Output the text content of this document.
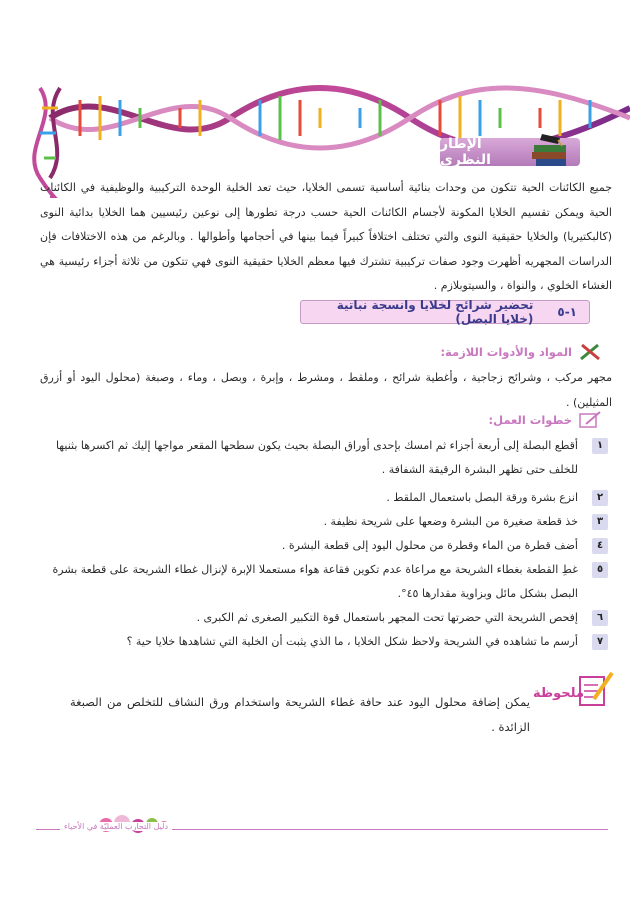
الإطار النظري
جميع الكائنات الحية تتكون من وحدات بنائية أساسية تسمى الخلايا، حيث تعد الخلية الوحدة التركيبية والوظيفية في الكائنات الحية ويمكن تقسيم الخلايا المكونة لأجسام الكائنات الحية حسب درجة تطورها إلى نوعين رئيسيين هما الخلايا بدائية النوى (كالبكتيريا) والخلايا حقيقية النوى والتي تختلف اختلافاً كبيراً فيما بينها في أحجامها وأطوالها . وبالرغم من هذه الاختلافات فإن الدراسات المجهريه أظهرت وجود صفات تركيبية تشترك فيها معظم الخلايا حقيقية النوى فهي تتكون من ثلاثة أجزاء رئيسية هي الغشاء الخلوي ، والنواة ، والسيتوبلازم .
تحضير شرائح لخلايا وانسجة نباتية (خلايا البصل) ١-٥
المواد والأدوات اللازمة:
مجهر مركب ، وشرائح زجاجية ، وأغطية شرائح ، وملقط ، ومشرط ، وإبرة ، وبصل ، وماء ، وصبغة (محلول اليود أو أزرق المثيلين) .
خطوات العمل:
١
أقطع البصلة إلى أربعة أجزاء ثم امسك بإحدى أوراق البصلة بحيث يكون سطحها المقعر مواجها إليك ثم اكسرها بثنيها للخلف حتى تظهر البشرة الرقيقة الشفافة .
٢
انزع بشرة ورقة البصل باستعمال الملقط .
٣
خذ قطعة صغيرة من البشرة وضعها على شريحة نظيفة .
٤
أضف قطرة من الماء وقطرة من محلول اليود إلى قطعة البشرة .
٥
غطِ القطعة بغطاء الشريحة مع مراعاة عدم تكوين فقاعة هواء مستعملا الإبرة لإنزال غطاء الشريحة على قطعة بشرة البصل بشكل مائل وبزاوية مقدارها ٤٥°.
٦
إفحص الشريحة التي حضرتها تحت المجهر باستعمال قوة التكبير الصغرى ثم الكبرى .
٧
أرسم ما تشاهده في الشريحة ولاحظ شكل الخلايا ، ما الذي يثبت أن الخلية التي تشاهدها خلايا حية ؟
ملحوظة
يمكن إضافة محلول اليود عند حافة غطاء الشريحة واستخدام ورق النشاف للتخلص من الصبغة الزائدة .
دليل التجارب العمليّة في الأحياء
